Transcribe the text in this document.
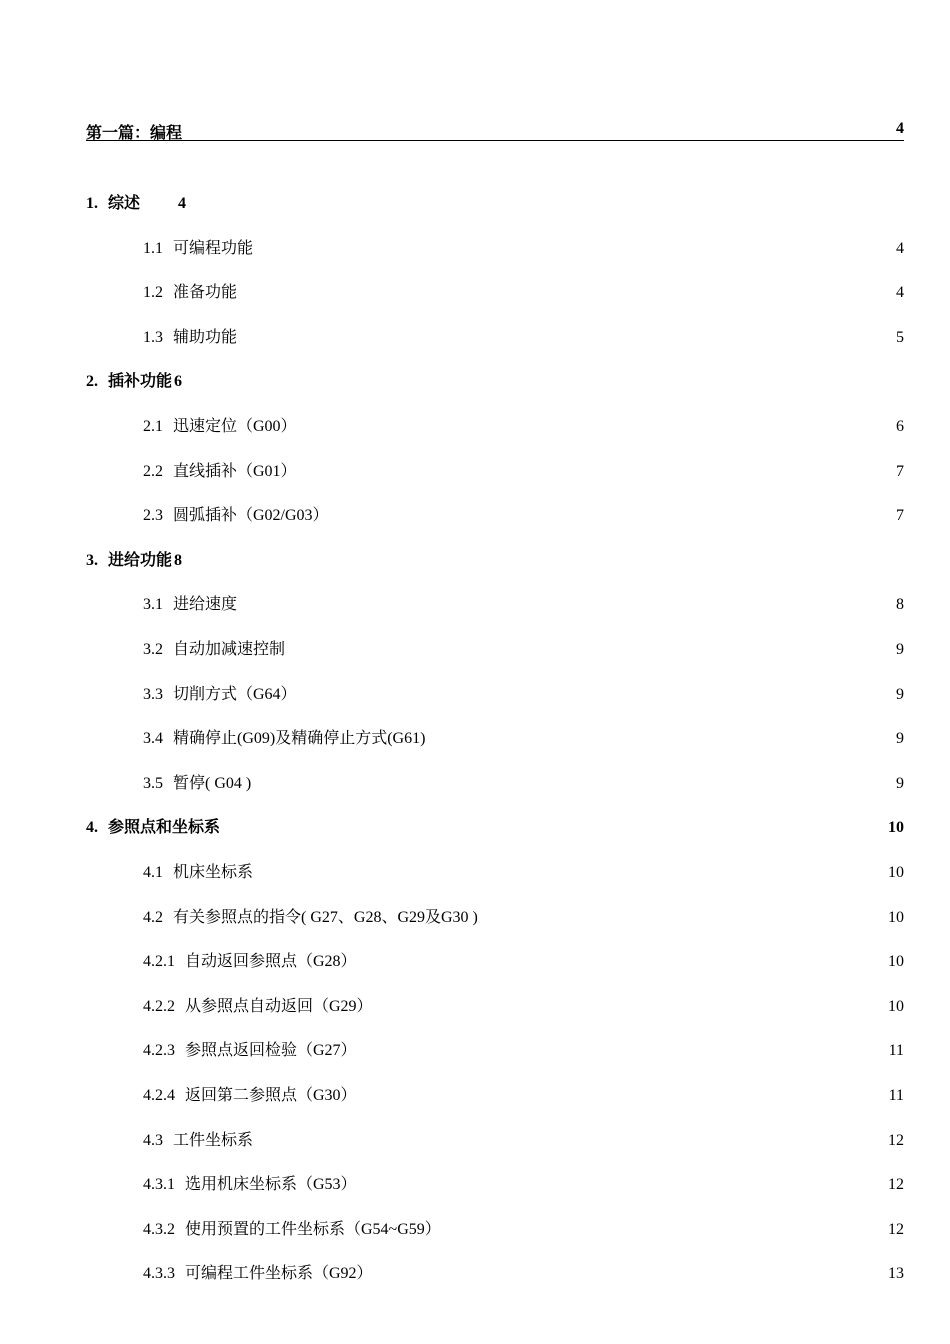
第一篇：编程	4
1. 综述 4
1.1 可编程功能	4
1.2 准备功能	4
1.3 辅助功能	5
2. 插补功能 6
2.1 迅速定位（G00）	6
2.2 直线插补（G01）	7
2.3 圆弧插补（G02/G03）	7
3. 进给功能 8
3.1 进给速度	8
3.2 自动加减速控制	9
3.3 切削方式（G64）	9
3.4 精确停止(G09)及精确停止方式(G61)	9
3.5 暂停( G04 )	9
4. 参照点和坐标系	10
4.1 机床坐标系	10
4.2 有关参照点的指令( G27、G28、G29及G30 )	10
4.2.1 自动返回参照点（G28）	10
4.2.2 从参照点自动返回（G29）	10
4.2.3 参照点返回检验（G27）	11
4.2.4 返回第二参照点（G30）	11
4.3 工件坐标系	12
4.3.1 选用机床坐标系（G53）	12
4.3.2 使用预置的工件坐标系（G54~G59）	12
4.3.3 可编程工件坐标系（G92）	13
